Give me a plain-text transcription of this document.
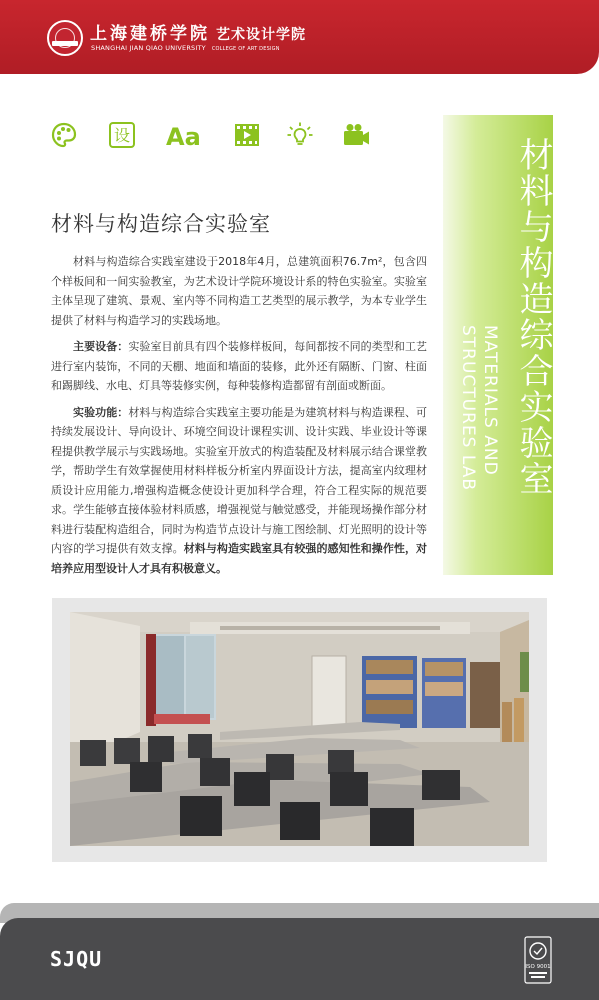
上海建桥学院 艺术设计学院
SHANGHAI JIAN QIAO UNIVERSITY COLLEGE OF ART DESIGN
设 Aa	材料与构造综合实验室
MATERIALS AND STRUCTURES LAB
材料与构造综合实验室

材料与构造综合实践室建设于2018年4月，总建筑面积76.7m²，包含四个样板间和一间实验教室，为艺术设计学院环境设计系的特色实验室。实验室主体呈现了建筑、景观、室内等不同构造工艺类型的展示教学，为本专业学生提供了材料与构造学习的实践场地。

主要设备：实验室目前具有四个装修样板间，每间都按不同的类型和工艺进行室内装饰，不同的天棚、地面和墙面的装修，此外还有隔断、门窗、柱面和踢脚线、水电、灯具等装修实例，每种装修构造都留有剖面或断面。

实验功能：材料与构造综合实践室主要功能是为建筑材料与构造课程、可持续发展设计、导向设计、环境空间设计课程实训、设计实践、毕业设计等课程提供教学展示与实践场地。实验室开放式的构造装配及材料展示结合课堂教学，帮助学生有效掌握使用材料样板分析室内界面设计方法，提高室内纹理材质设计应用能力,增强构造概念使设计更加科学合理，符合工程实际的规范要求。学生能够直接体验材料质感，增强视觉与触觉感受，并能现场操作部分材料进行装配构造组合，同时为构造节点设计与施工图绘制、灯光照明的设计等内容的学习提供有效支撑。材料与构造实践室具有较强的感知性和操作性，对培养应用型设计人才具有积极意义。

SJQU	ISO 9001
